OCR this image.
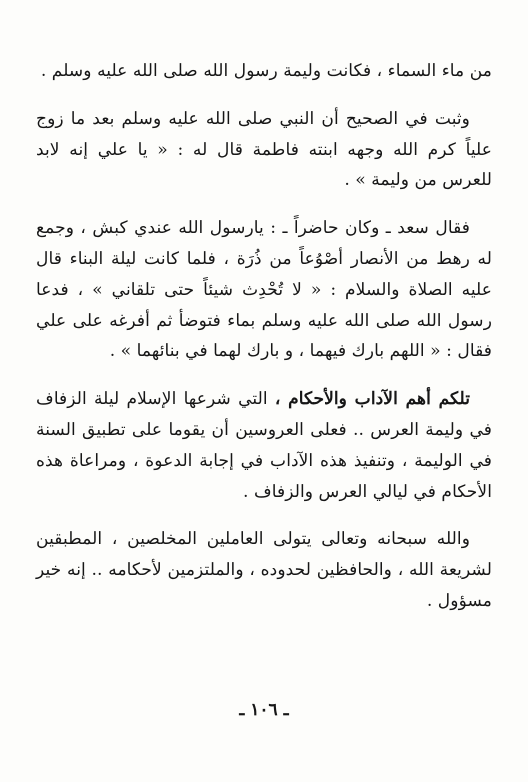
من ماء السماء ، فكانت وليمة رسول الله صلى الله عليه وسلم .

وثبت في الصحيح أن النبي صلى الله عليه وسلم بعد ما زوج علياً كرم الله وجهه ابنته فاطمة قال له : « يا علي إنه لابد للعرس من وليمة » .

فقال سعد ـ وكان حاضراً ـ : يارسول الله عندي كبش ، وجمع له رهط من الأنصار أصْوُعاً من ذُرَة ، فلما كانت ليلة البناء قال عليه الصلاة والسلام : « لا تُحْدِث شيئاً حتى تلقاني » ، فدعا رسول الله صلى الله عليه وسلم بماء فتوضأ ثم أفرغه على علي فقال : « اللهم بارك فيهما ، و بارك لهما في بنائهما » .

تلكم أهم الآداب والأحكام ، التي شرعها الإسلام ليلة الزفاف في وليمة العرس .. فعلى العروسين أن يقوما على تطبيق السنة في الوليمة ، وتنفيذ هذه الآداب في إجابة الدعوة ، ومراعاة هذه الأحكام في ليالي العرس والزفاف .

والله سبحانه وتعالى يتولى العاملين المخلصين ، المطبقين لشريعة الله ، والحافظين لحدوده ، والملتزمين لأحكامه .. إنه خير مسؤول .

ـ ١٠٦ ـ
